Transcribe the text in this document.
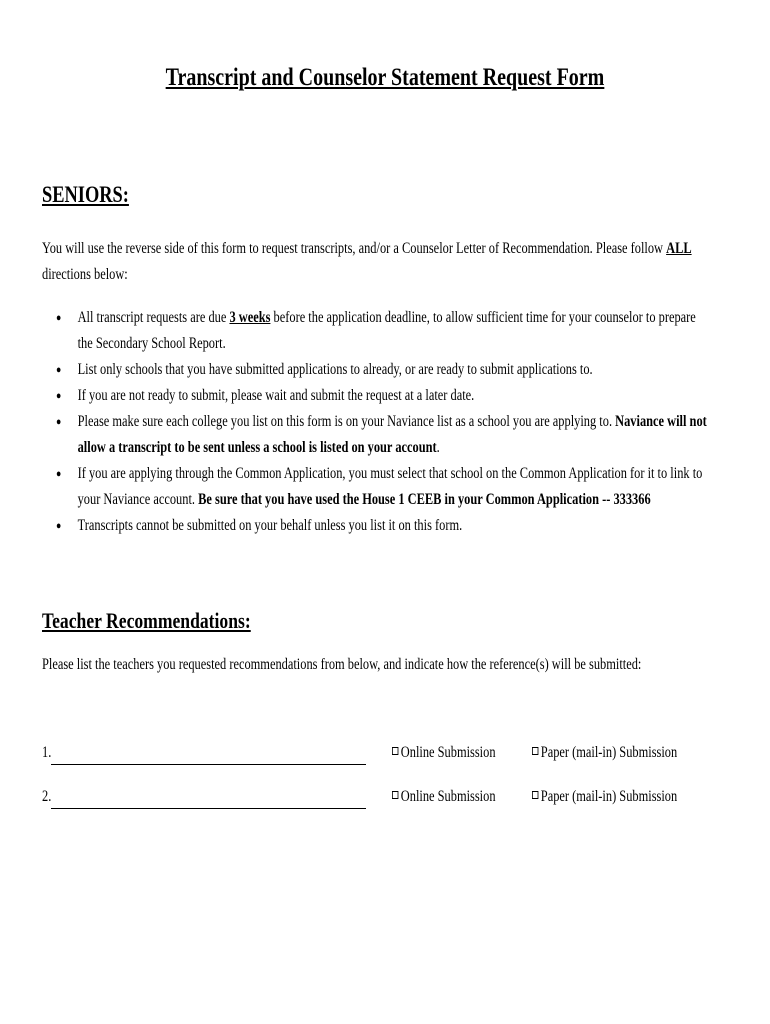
Transcript and Counselor Statement Request Form
SENIORS:
You will use the reverse side of this form to request transcripts, and/or a Counselor Letter of Recommendation. Please follow ALL directions below:
● All transcript requests are due 3 weeks before the application deadline, to allow sufficient time for your counselor to prepare the Secondary School Report.
● List only schools that you have submitted applications to already, or are ready to submit applications to.
● If you are not ready to submit, please wait and submit the request at a later date.
● Please make sure each college you list on this form is on your Naviance list as a school you are applying to. Naviance will not allow a transcript to be sent unless a school is listed on your account.
● If you are applying through the Common Application, you must select that school on the Common Application for it to link to your Naviance account. Be sure that you have used the House 1 CEEB in your Common Application -- 333366
● Transcripts cannot be submitted on your behalf unless you list it on this form.
Teacher Recommendations:
Please list the teachers you requested recommendations from below, and indicate how the reference(s) will be submitted:
1.	Online Submission	Paper (mail-in) Submission
2.	Online Submission	Paper (mail-in) Submission
